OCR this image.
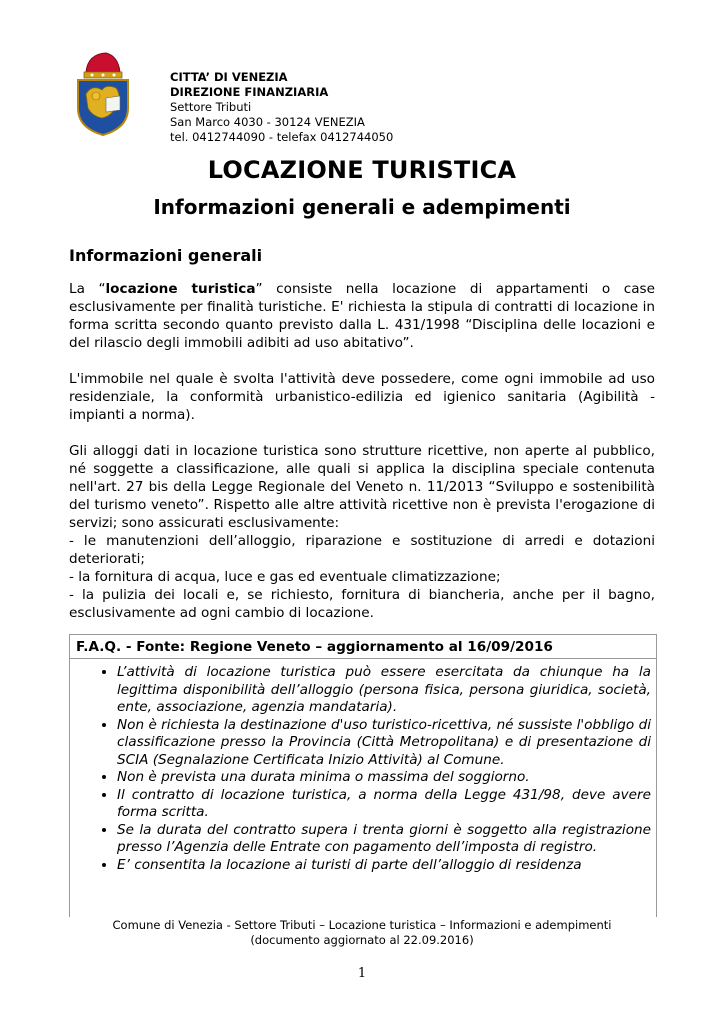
CITTA’ DI VENEZIA
DIREZIONE FINANZIARIA
Settore Tributi
San Marco 4030 - 30124 VENEZIA
tel. 0412744090 - telefax 0412744050
LOCAZIONE TURISTICA
Informazioni generali e adempimenti
Informazioni generali

La “locazione turistica” consiste nella locazione di appartamenti o case esclusivamente per finalità turistiche. E' richiesta la stipula di contratti di locazione in forma scritta secondo quanto previsto dalla L. 431/1998 “Disciplina delle locazioni e del rilascio degli immobili adibiti ad uso abitativo”.

L'immobile nel quale è svolta l'attività deve possedere, come ogni immobile ad uso residenziale, la conformità urbanistico-edilizia ed igienico sanitaria (Agibilità - impianti a norma).

Gli alloggi dati in locazione turistica sono strutture ricettive, non aperte al pubblico, né soggette a classificazione, alle quali si applica la disciplina speciale contenuta nell'art. 27 bis della Legge Regionale del Veneto n. 11/2013 “Sviluppo e sostenibilità del turismo veneto”. Rispetto alle altre attività ricettive non è prevista l'erogazione di servizi; sono assicurati esclusivamente:
- le manutenzioni dell’alloggio, riparazione e sostituzione di arredi e dotazioni deteriorati;
- la fornitura di acqua, luce e gas ed eventuale climatizzazione;
- la pulizia dei locali e, se richiesto, fornitura di biancheria, anche per il bagno, esclusivamente ad ogni cambio di locazione.

F.A.Q. - Fonte: Regione Veneto – aggiornamento al 16/09/2016
• L’attività di locazione turistica può essere esercitata da chiunque ha la legittima disponibilità dell’alloggio (persona fisica, persona giuridica, società, ente, associazione, agenzia mandataria).
• Non è richiesta la destinazione d'uso turistico-ricettiva, né sussiste l'obbligo di classificazione presso la Provincia (Città Metropolitana) e di presentazione di SCIA (Segnalazione Certificata Inizio Attività) al Comune.
• Non è prevista una durata minima o massima del soggiorno.
• Il contratto di locazione turistica, a norma della Legge 431/98, deve avere forma scritta.
• Se la durata del contratto supera i trenta giorni è soggetto alla registrazione presso l’Agenzia delle Entrate con pagamento dell’imposta di registro.
• E’ consentita la locazione ai turisti di parte dell’alloggio di residenza
Comune di Venezia - Settore Tributi – Locazione turistica – Informazioni e adempimenti
(documento aggiornato al 22.09.2016)
1
